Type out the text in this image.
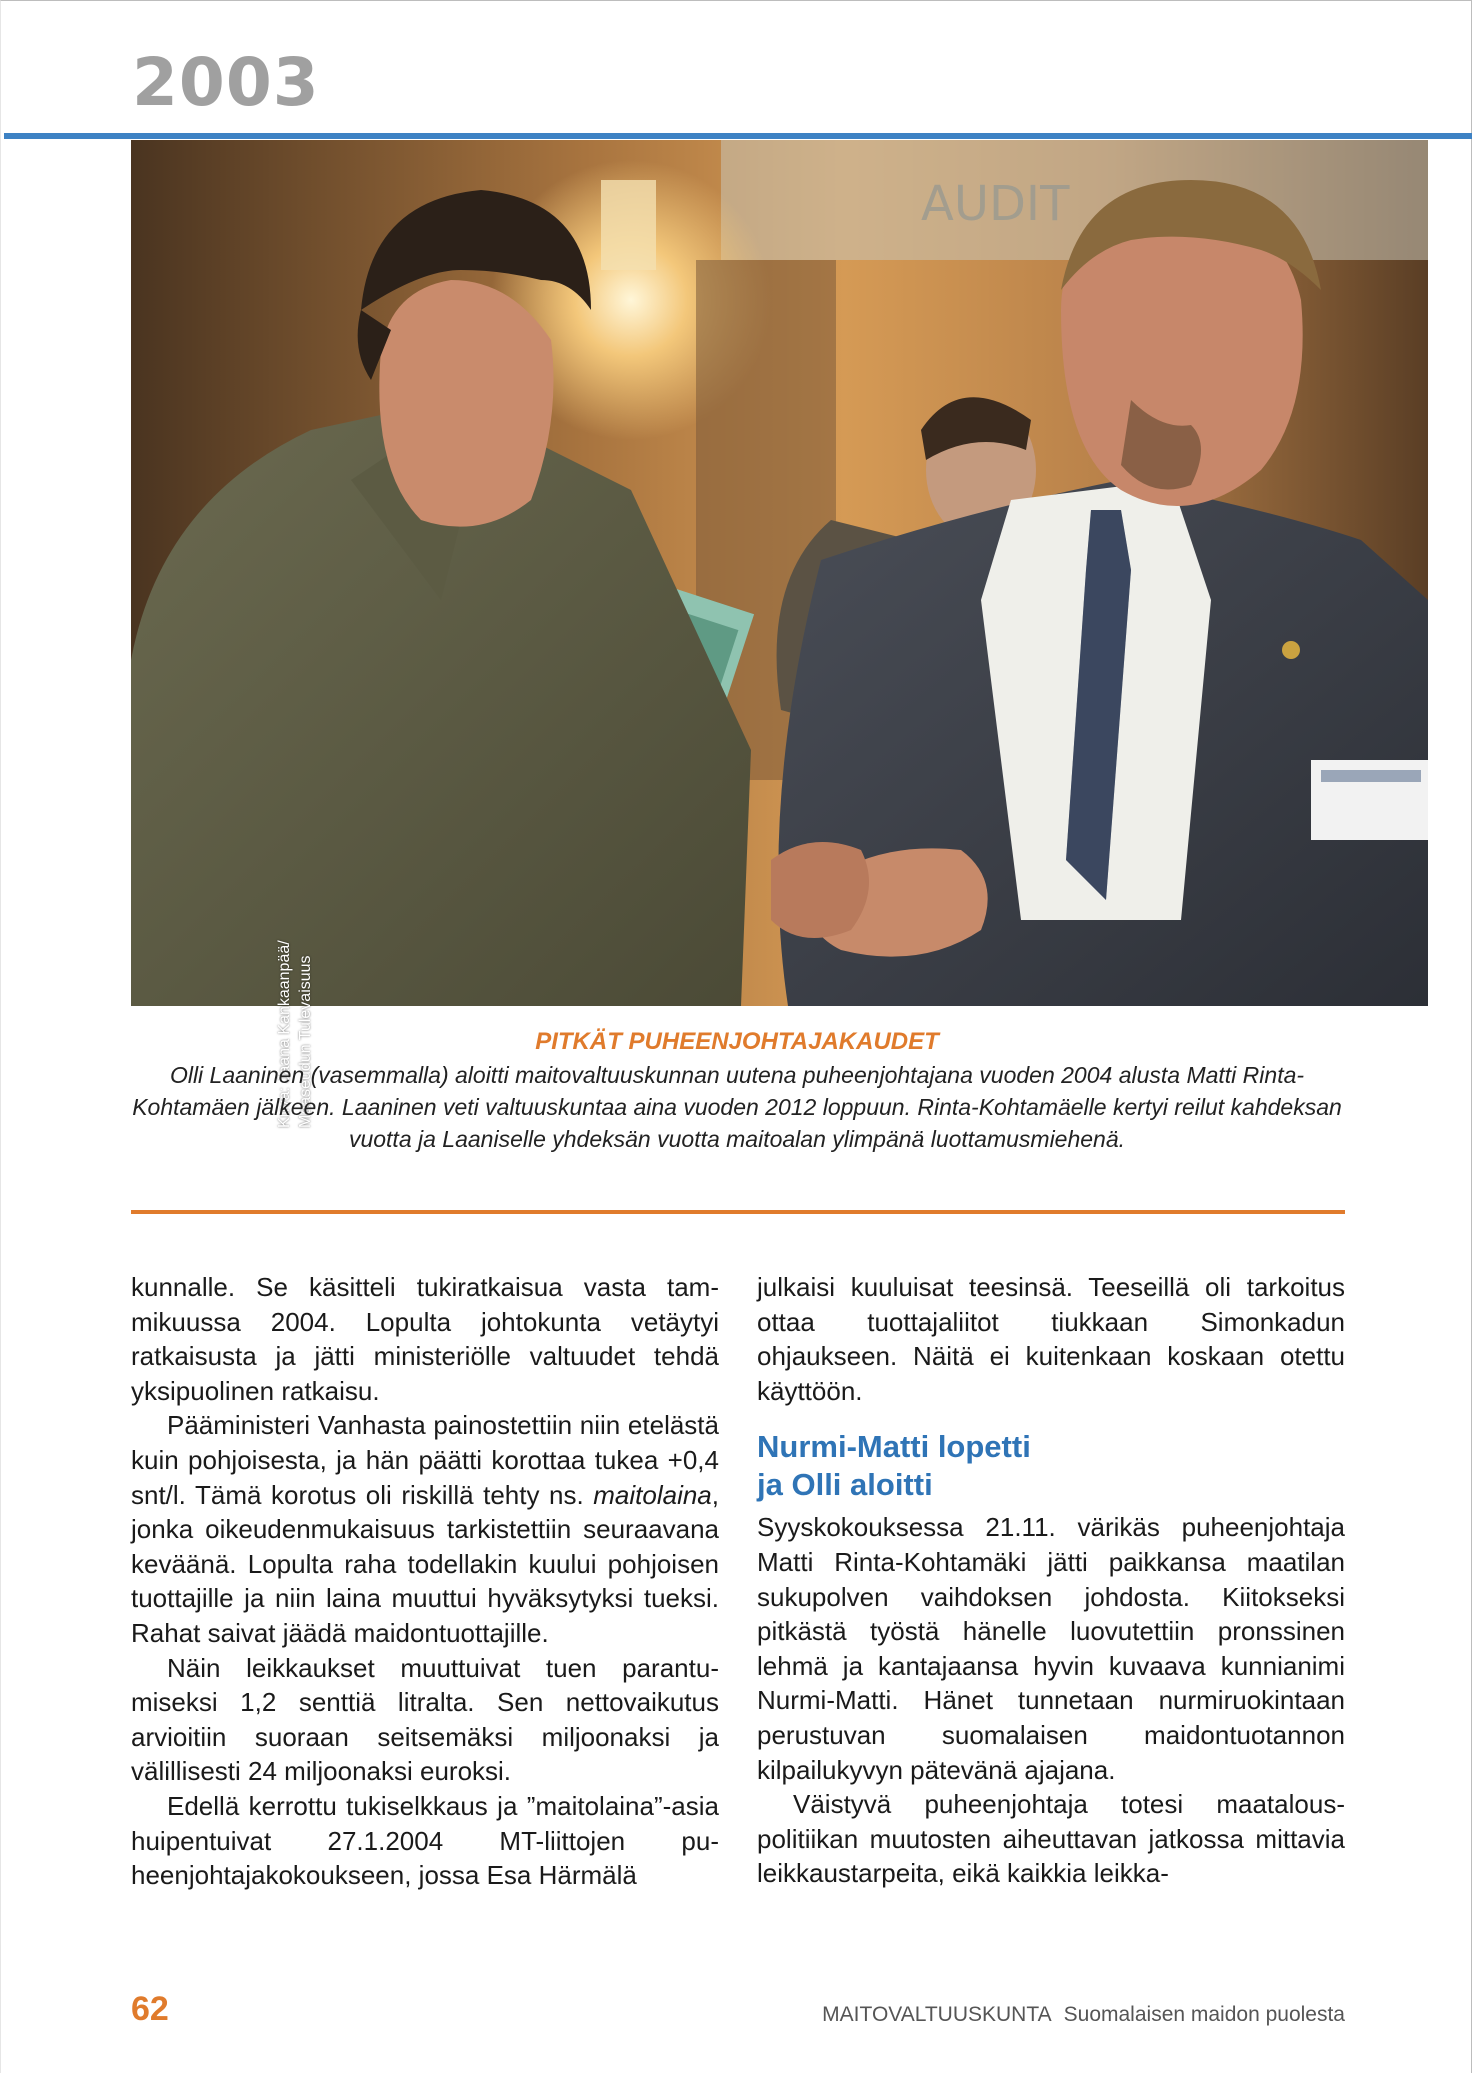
2003
AUDIT
Kuva: Jaana Kankaanpää/ Maaseudun Tulevaisuus	PITKÄT PUHEENJOHTAJAKAUDET
Olli Laaninen (vasemmalla) aloitti maitovaltuuskunnan uutena puheenjohtajana vuoden 2004 alusta Matti Rinta-Kohtamäen jälkeen. Laaninen veti valtuuskuntaa aina vuoden 2012 loppuun. Rinta-Kohtamäelle kertyi reilut kahdeksan vuotta ja Laaniselle yhdeksän vuotta maitoalan ylimpänä luottamusmiehenä.

kunnalle. Se käsitteli tukiratkaisua vasta tammikuussa 2004. Lopulta johtokunta vetäytyi ratkaisusta ja jätti ministeriölle valtuudet tehdä yksipuolinen ratkaisu.

Pääministeri Vanhasta painostettiin niin etelästä kuin pohjoisesta, ja hän päätti korottaa tukea +0,4 snt/l. Tämä korotus oli riskillä tehty ns. maitolaina, jonka oikeudenmukaisuus tarkistettiin seuraavana keväänä. Lopulta raha todellakin kuului pohjoisen tuottajille ja niin laina muuttui hyväksytyksi tueksi. Rahat saivat jäädä maidontuottajille.

Näin leikkaukset muuttuivat tuen parantumiseksi 1,2 senttiä litralta. Sen nettovaikutus arvioitiin suoraan seitsemäksi miljoonaksi ja välillisesti 24 miljoonaksi euroksi.

Edellä kerrottu tukiselkkaus ja ”maitolaina”-asia huipentuivat 27.1.2004 MT-liittojen puheenjohtajakokoukseen, jossa Esa Härmälä

julkaisi kuuluisat teesinsä. Teeseillä oli tarkoitus ottaa tuottajaliitot tiukkaan Simonkadun ohjaukseen. Näitä ei kuitenkaan koskaan otettu käyttöön.

Nurmi-Matti lopetti
ja Olli aloitti

Syyskokouksessa 21.11. värikäs puheenjohtaja Matti Rinta-Kohtamäki jätti paikkansa maatilan sukupolven vaihdoksen johdosta. Kiitokseksi pitkästä työstä hänelle luovutettiin pronssinen lehmä ja kantajaansa hyvin kuvaava kunnianimi Nurmi-Matti. Hänet tunnetaan nurmiruokintaan perustuvan suomalaisen maidontuotannon kilpailukyvyn pätevänä ajajana.

Väistyvä puheenjohtaja totesi maatalouspolitiikan muutosten aiheuttavan jatkossa mittavia leikkaustarpeita, eikä kaikkia leikka-

62	MAITOVALTUUSKUNTA Suomalaisen maidon puolesta
